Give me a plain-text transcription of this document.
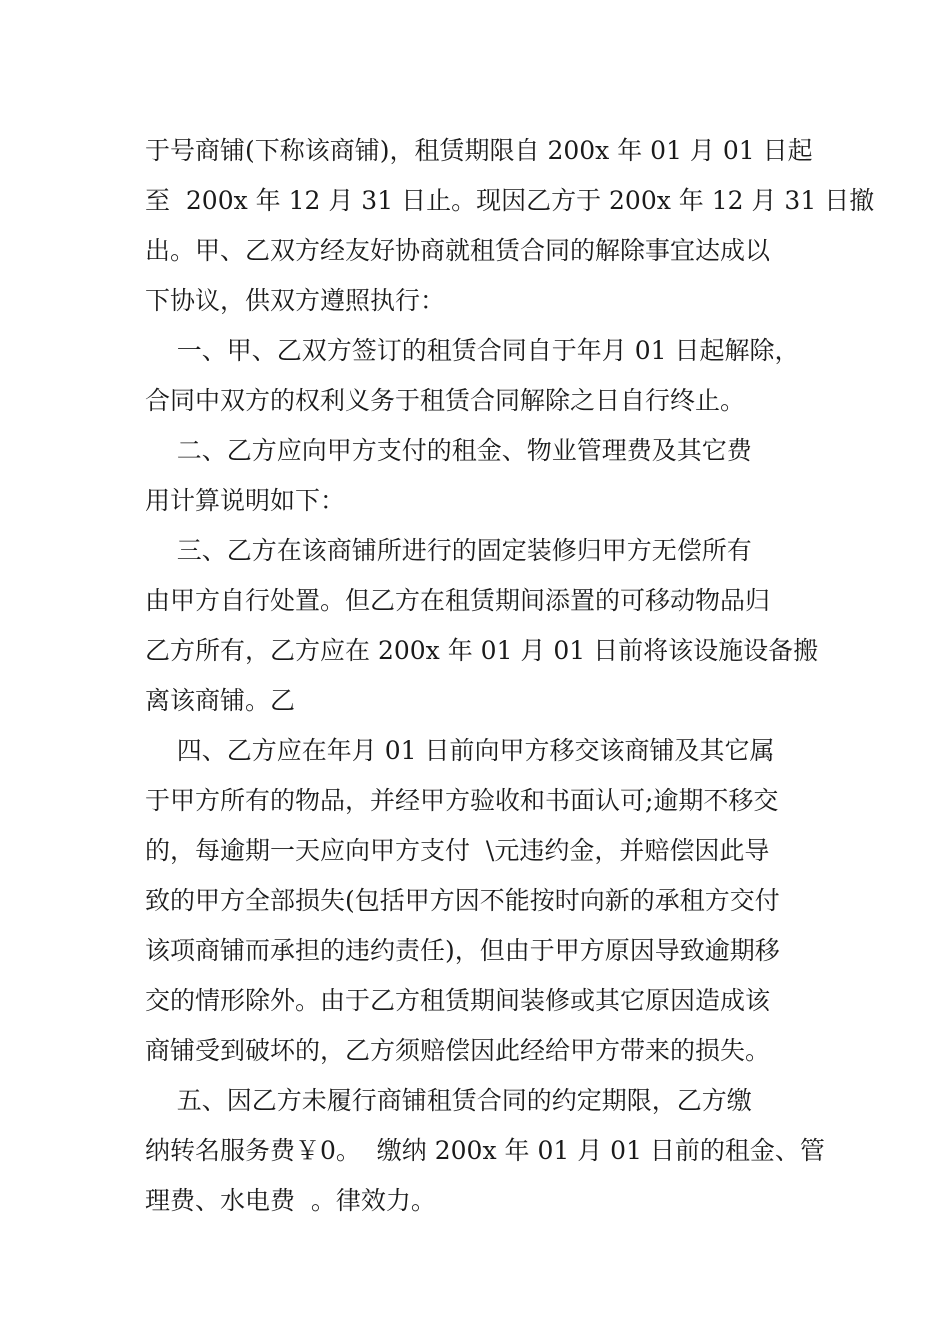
于号商铺(下称该商铺)，租赁期限自 200x 年 01 月 01 日起
至  200x 年 12 月 31 日止。现因乙方于 200x 年 12 月 31 日撤
出。甲、乙双方经友好协商就租赁合同的解除事宜达成以
下协议，供双方遵照执行：
一、甲、乙双方签订的租赁合同自于年月 01 日起解除，
合同中双方的权利义务于租赁合同解除之日自行终止。
二、乙方应向甲方支付的租金、物业管理费及其它费
用计算说明如下：
三、乙方在该商铺所进行的固定装修归甲方无偿所有
由甲方自行处置。但乙方在租赁期间添置的可移动物品归
乙方所有，乙方应在 200x 年 01 月 01 日前将该设施设备搬
离该商铺。乙
四、乙方应在年月 01 日前向甲方移交该商铺及其它属
于甲方所有的物品，并经甲方验收和书面认可;逾期不移交
的，每逾期一天应向甲方支付  \元违约金，并赔偿因此导
致的甲方全部损失(包括甲方因不能按时向新的承租方交付
该项商铺而承担的违约责任)，但由于甲方原因导致逾期移
交的情形除外。由于乙方租赁期间装修或其它原因造成该
商铺受到破坏的，乙方须赔偿因此经给甲方带来的损失。
五、因乙方未履行商铺租赁合同的约定期限，乙方缴
纳转名服务费￥0。  缴纳 200x 年 01 月 01 日前的租金、管
理费、水电费  。律效力。
